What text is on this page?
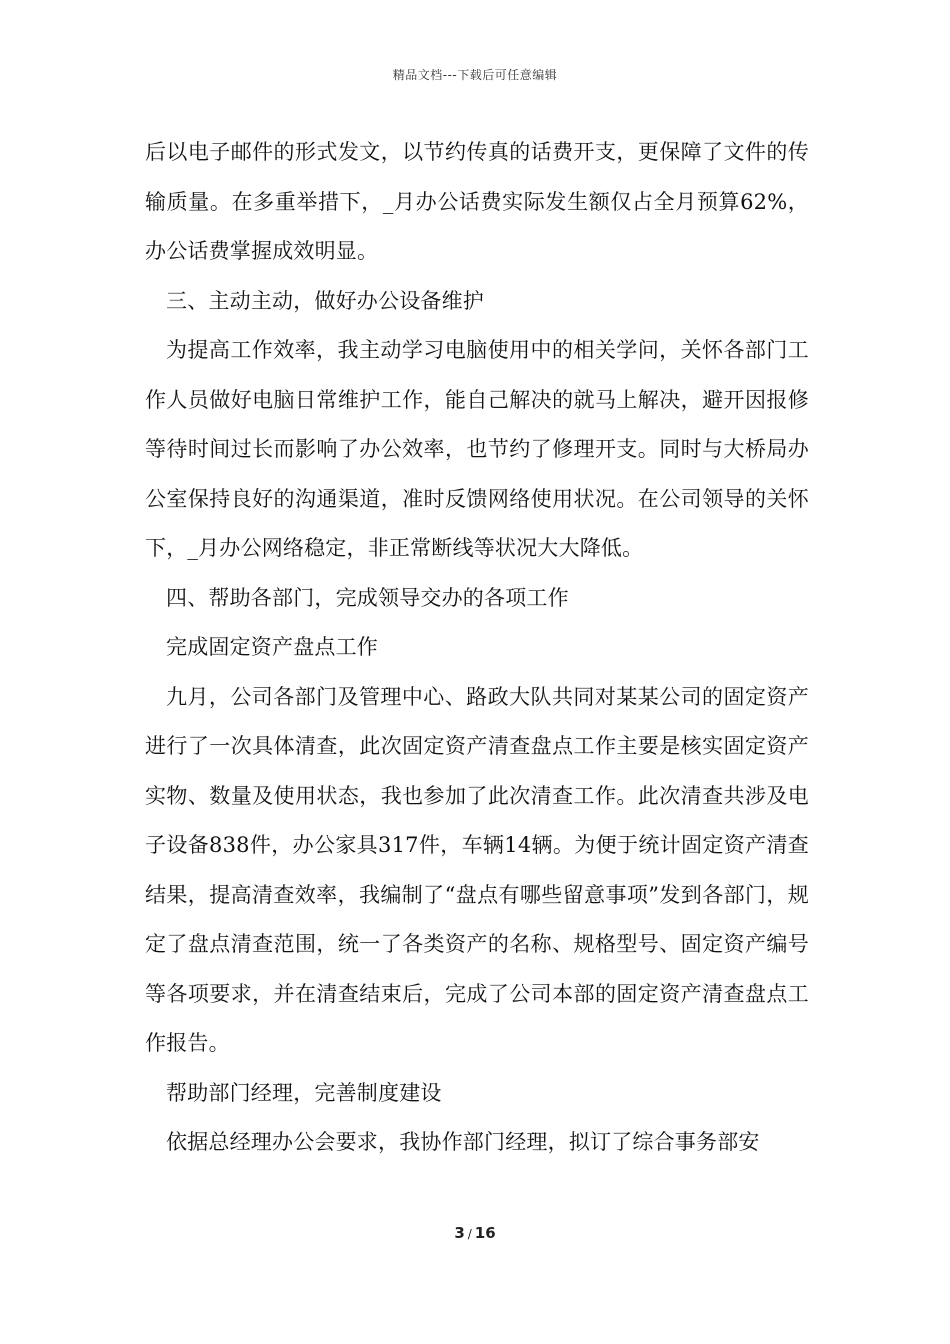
精品文档---下载后可任意编辑

后以电子邮件的形式发文，以节约传真的话费开支，更保障了文件的传输质量。在多重举措下，_月办公话费实际发生额仅占全月预算62%，办公话费掌握成效明显。

三、主动主动，做好办公设备维护

为提高工作效率，我主动学习电脑使用中的相关学问，关怀各部门工作人员做好电脑日常维护工作，能自己解决的就马上解决，避开因报修等待时间过长而影响了办公效率，也节约了修理开支。同时与大桥局办公室保持良好的沟通渠道，准时反馈网络使用状况。在公司领导的关怀下，_月办公网络稳定，非正常断线等状况大大降低。

四、帮助各部门，完成领导交办的各项工作

完成固定资产盘点工作

九月，公司各部门及管理中心、路政大队共同对某某公司的固定资产进行了一次具体清查，此次固定资产清查盘点工作主要是核实固定资产实物、数量及使用状态，我也参加了此次清查工作。此次清查共涉及电子设备838件，办公家具317件，车辆14辆。为便于统计固定资产清查结果，提高清查效率，我编制了“盘点有哪些留意事项”发到各部门，规定了盘点清查范围，统一了各类资产的名称、规格型号、固定资产编号等各项要求，并在清查结束后，完成了公司本部的固定资产清查盘点工作报告。

帮助部门经理，完善制度建设

依据总经理办公会要求，我协作部门经理，拟订了综合事务部安

3 / 16
